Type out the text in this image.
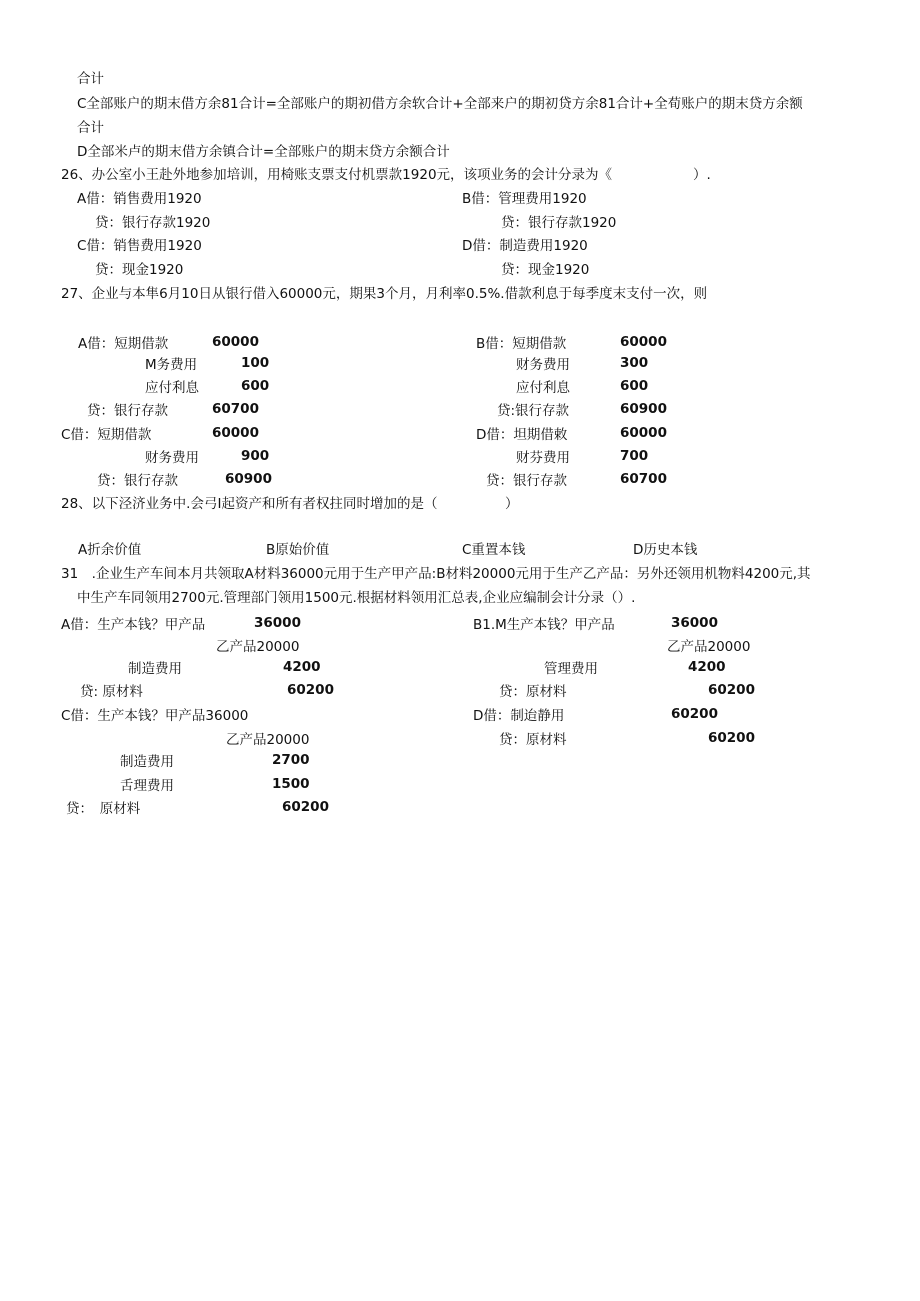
合计
C全部账户的期末借方余81合计=全部账户的期初借方余软合计+全部来户的期初贷方余81合计+全荀账户的期末贷方余额
合计
D全部米卢的期末借方余镇合计=全部账户的期末贷方余额合计
26、办公室小王赴外地参加培训，用椅账支票支付机票款1920元，该项业务的会计分录为《　　　　　　）.
A借：销售费用1920
贷：银行存款1920
B借：管理费用1920
贷：银行存款1920
C借：销售费用1920
贷：现金1920
D借：制造费用1920
贷：现金1920
27、企业与本隼6月10日从银行借入60000元，期果3个月，月利率0.5%.借款利息于每季度末支付一次，则
A借：短期借款	60000
M务费用	100
应付利息	600
贷：银行存款	60700
B借：短期借款	60000
财务费用	300
应付利息	600
贷:银行存款	60900
C借：短期借款	60000
财务费用	900
贷：银行存款	60900
D借：坦期借敕	60000
财芬费用	700
贷：银行存款	60700
28、以下泾济业务中.会弓I起资产和所有者权拄同时增加的是（　　　　　）
A折余价值	B原始价值	C重置本钱	D历史本钱
31　.企业生产车间本月共领取A材料36000元用于生产甲产品:B材料20000元用于生产乙产品：另外还领用机物料4200元,其
中生产车同领用2700元.管理部门领用1500元.根据材料领用汇总表,企业应编制会计分录（）.
A借：生产本钱？甲产品	36000
乙产品20000
制造费用	4200
贷: 原材料	60200
B1.M生产本钱？甲产品	36000
乙产品20000
管理费用	4200
贷：原材料	60200
C借：生产本钱？甲产品36000
乙产品20000
制造费用	2700
舌理费用	1500
贷：　原材料	60200
D借：制迨静用	60200
贷：原材料	60200
